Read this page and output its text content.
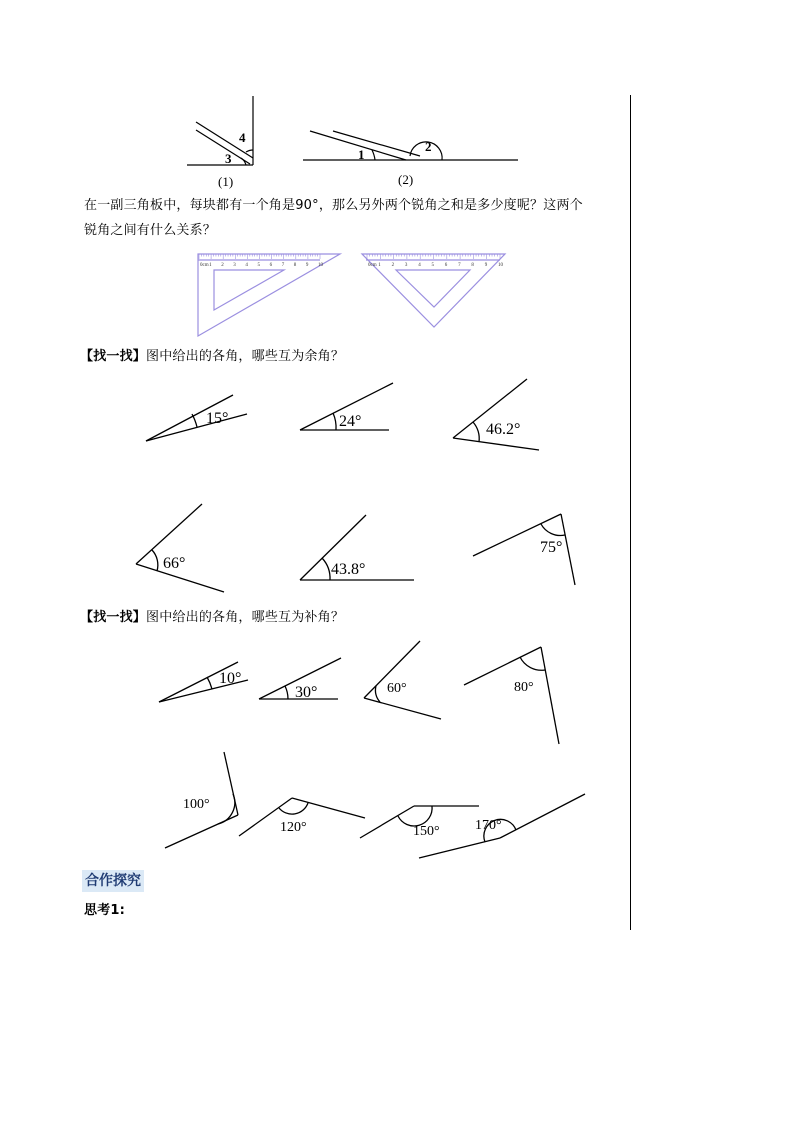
4
3
(1)
1
2
(2)
0cm 1 2 3 4 5 6 7 8 9 10	0cm 1 2 3 4 5 6 7 8 9 10
15°	24°	46.2°
66°	43.8°
75°
10°
30°	60°	80°
100°
120°	150°	170°
在一副三角板中，每块都有一个角是90°，那么另外两个锐角之和是多少度呢？这两个
锐角之间有什么关系？
【找一找】图中给出的各角，哪些互为余角？
【找一找】图中给出的各角，哪些互为补角？
合作探究
思考1:
